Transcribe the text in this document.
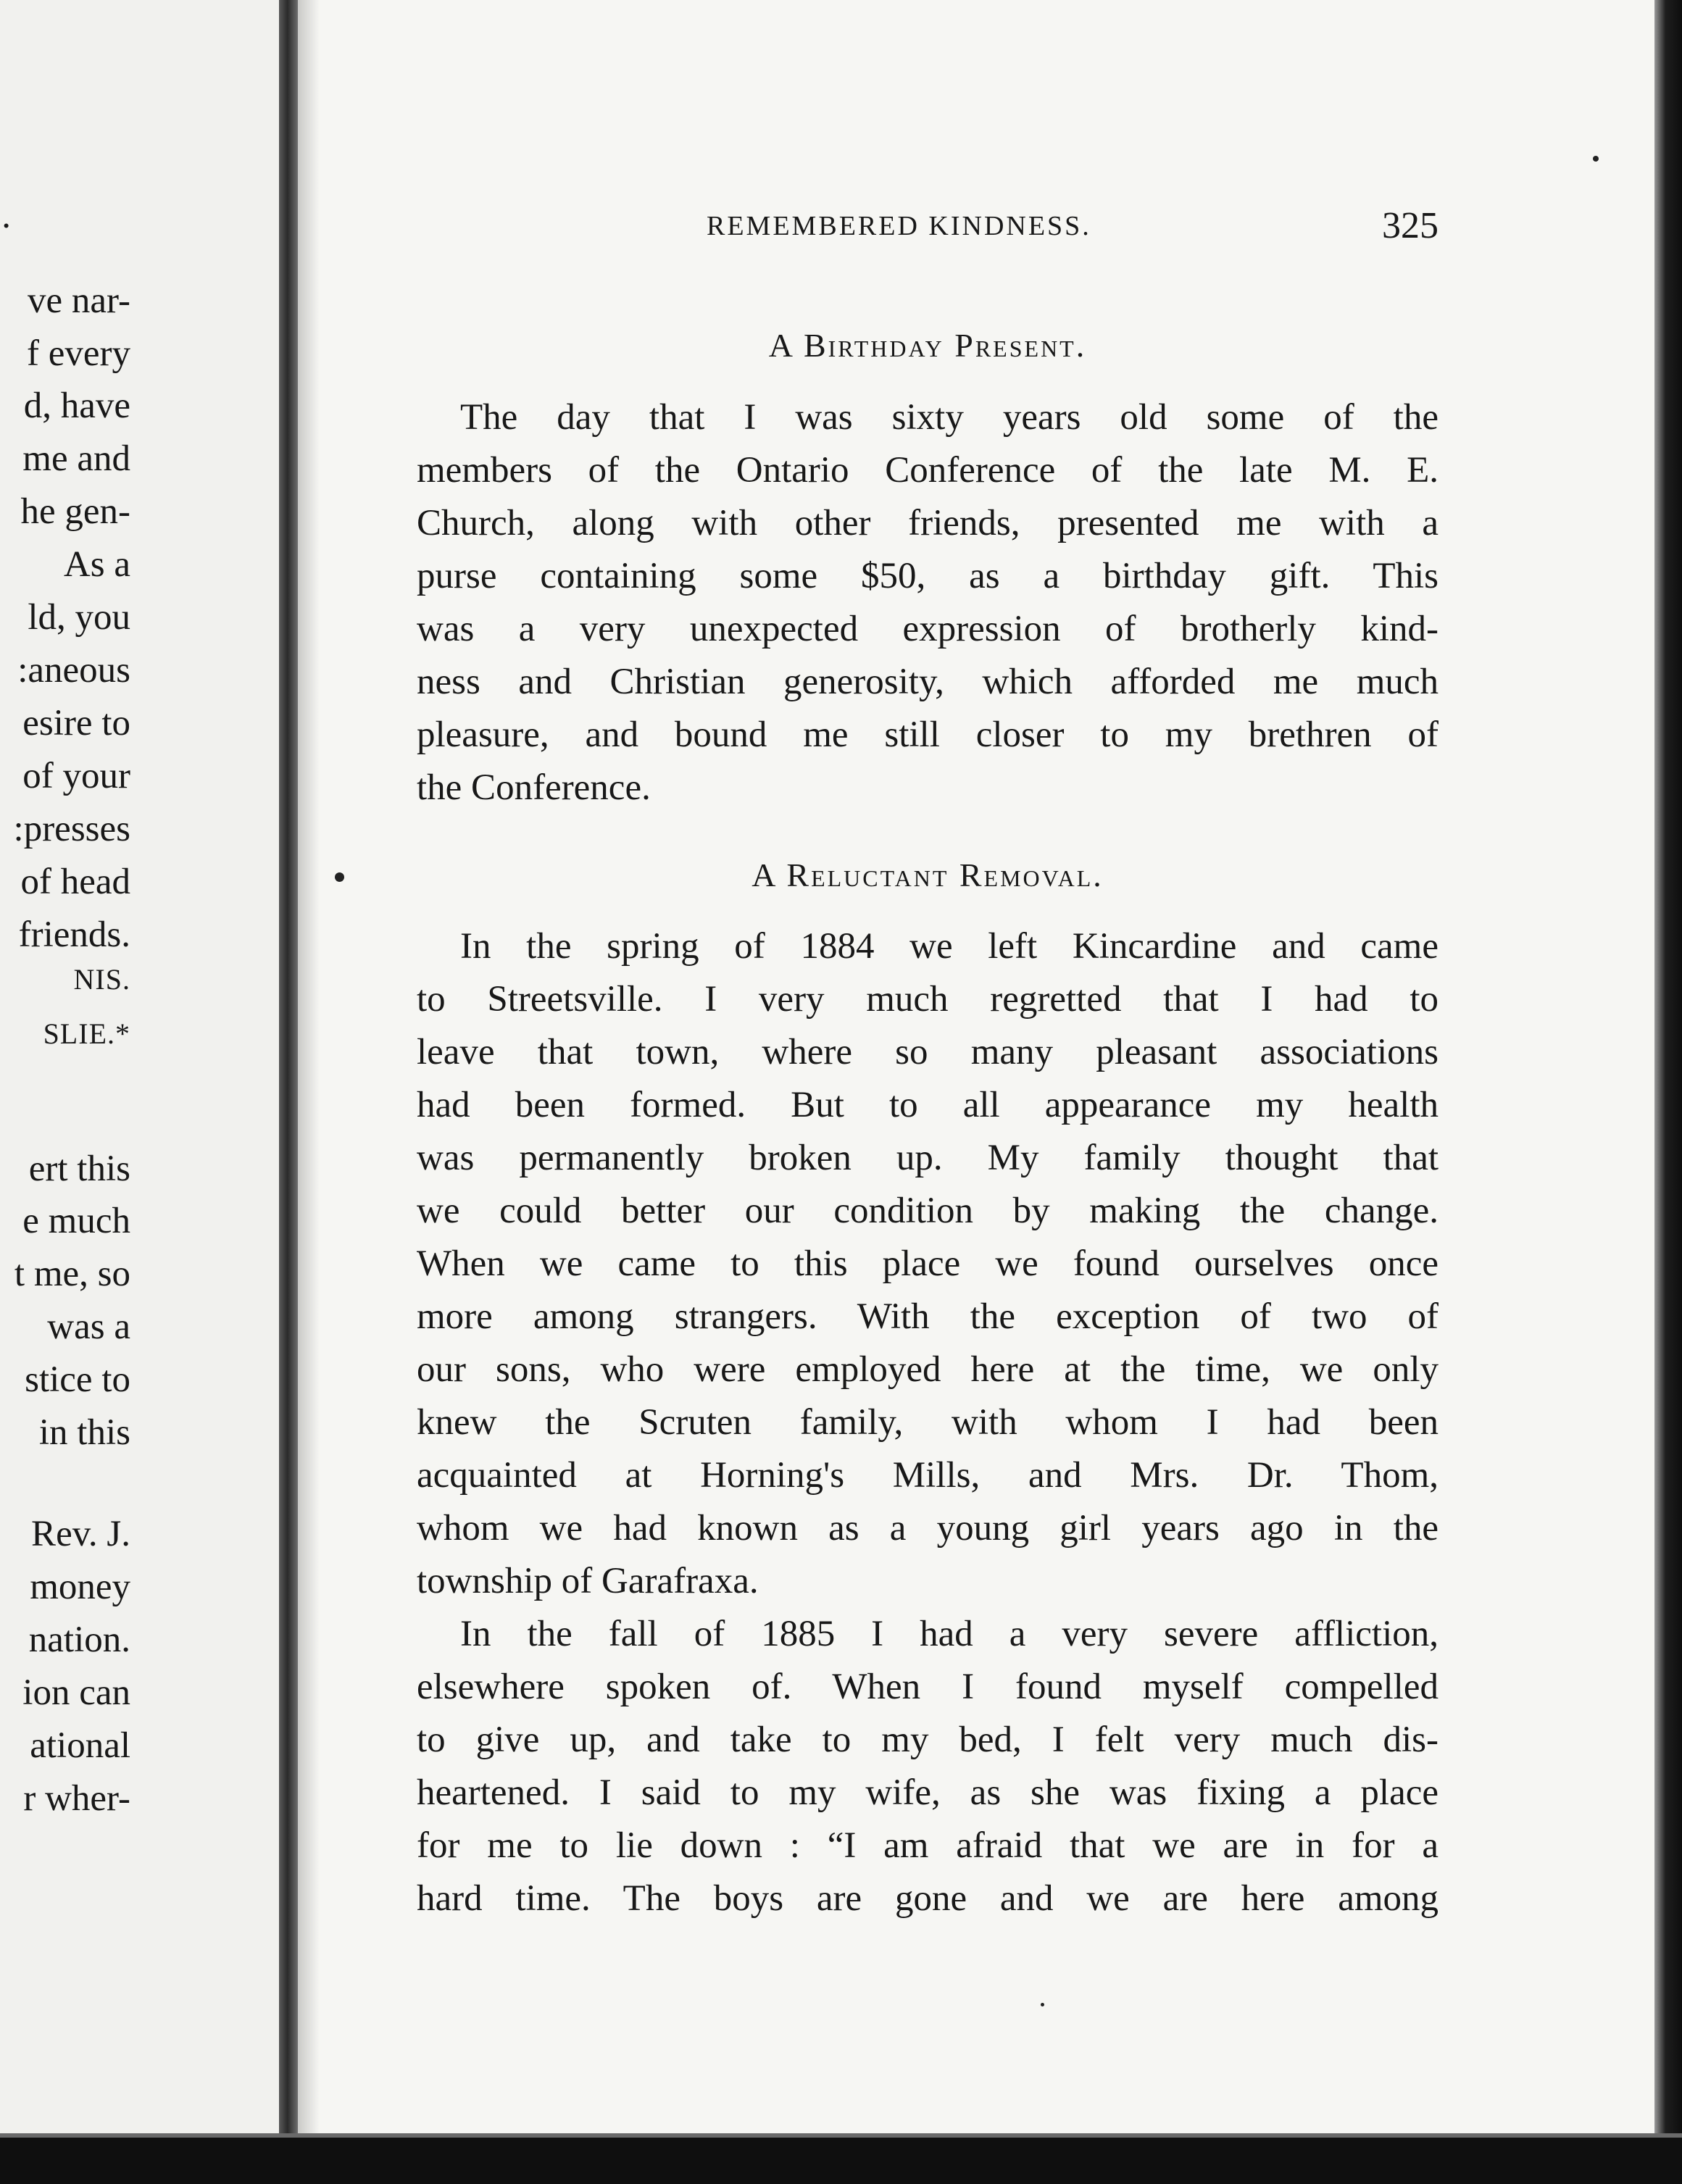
.

ve nar-

f every

d, have

me and

he gen-

As a

ld, you

:aneous

esire to

of your

:presses

of head

friends.

NIS.

SLIE.*

ert this

e much

t me, so

was a

stice to

in this

Rev. J.

money

nation.

ion can

ational

r wher-

REMEMBERED KINDNESS.	325
A Birthday Present.

The day that I was sixty years old some of the

members of the Ontario Conference of the late M. E.

Church, along with other friends, presented me with a

purse containing some $50, as a birthday gift. This

was a very unexpected expression of brotherly kind-

ness and Christian generosity, which afforded me much

pleasure, and bound me still closer to my brethren of

the Conference.

A Reluctant Removal.

In the spring of 1884 we left Kincardine and came

to Streetsville. I very much regretted that I had to

leave that town, where so many pleasant associations

had been formed. But to all appearance my health

was permanently broken up. My family thought that

we could better our condition by making the change.

When we came to this place we found ourselves once

more among strangers. With the exception of two of

our sons, who were employed here at the time, we only

knew the Scruten family, with whom I had been

acquainted at Horning's Mills, and Mrs. Dr. Thom,

whom we had known as a young girl years ago in the

township of Garafraxa.

In the fall of 1885 I had a very severe affliction,

elsewhere spoken of. When I found myself compelled

to give up, and take to my bed, I felt very much dis-

heartened. I said to my wife, as she was fixing a place

for me to lie down : “I am afraid that we are in for a

hard time. The boys are gone and we are here among
